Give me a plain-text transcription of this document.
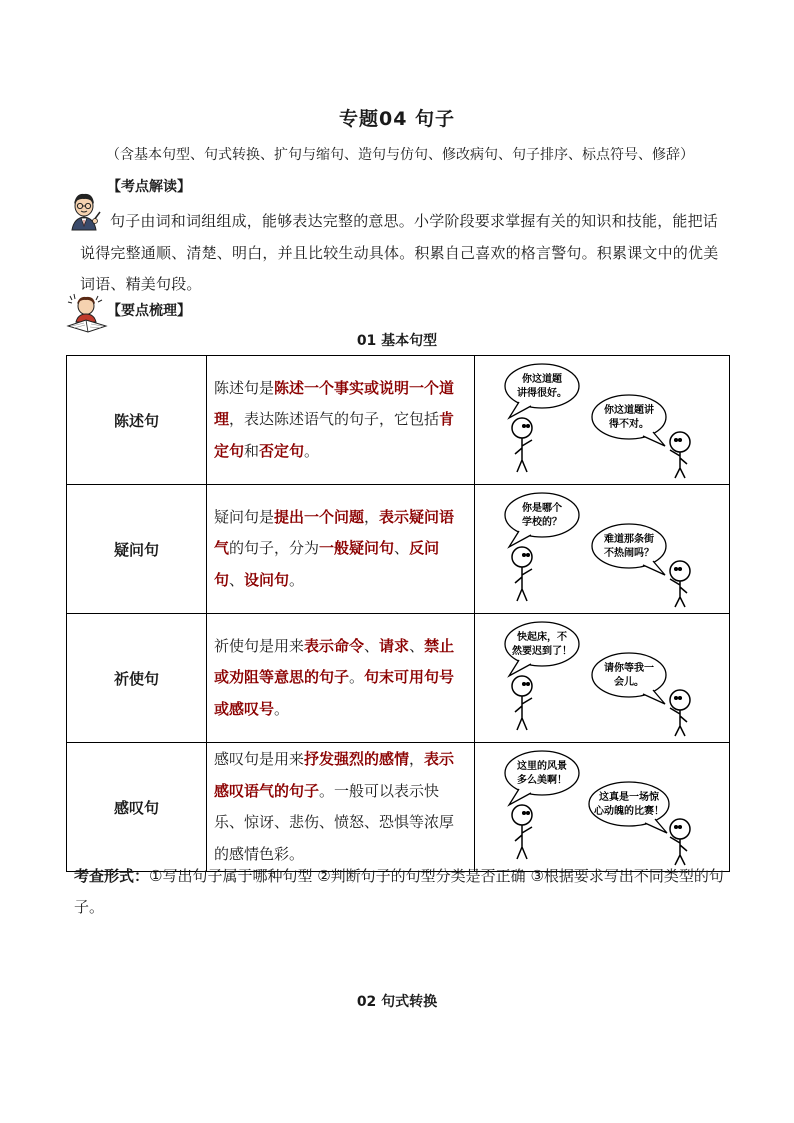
专题04 句子
（含基本句型、句式转换、扩句与缩句、造句与仿句、修改病句、句子排序、标点符号、修辞）
【考点解读】
句子由词和词组组成，能够表达完整的意思。小学阶段要求掌握有关的知识和技能，能把话说得完整通顺、清楚、明白，并且比较生动具体。积累自己喜欢的格言警句。积累课文中的优美词语、精美句段。
【要点梳理】
01 基本句型
陈述句	陈述句是陈述一个事实或说明一个道理，表达陈述语气的句子，它包括肯定句和否定句。	你这道题
讲得很好。
你这道题讲
得不对。

疑问句	疑问句是提出一个问题，表示疑问语气的句子，分为一般疑问句、反问句、设问句。	你是哪个
学校的？
难道那条街
不热闹吗？

祈使句	祈使句是用来表示命令、请求、禁止或劝阻等意思的句子。句末可用句号或感叹号。	快起床，不
然要迟到了！
请你等我一
会儿。

感叹句	感叹句是用来抒发强烈的感情，表示感叹语气的句子。一般可以表示快乐、惊讶、悲伤、愤怒、恐惧等浓厚的感情色彩。	这里的风景
多么美啊！
这真是一场惊
心动魄的比赛！
考查形式：①写出句子属于哪种句型 ②判断句子的句型分类是否正确 ③根据要求写出不同类型的句子。
02 句式转换
